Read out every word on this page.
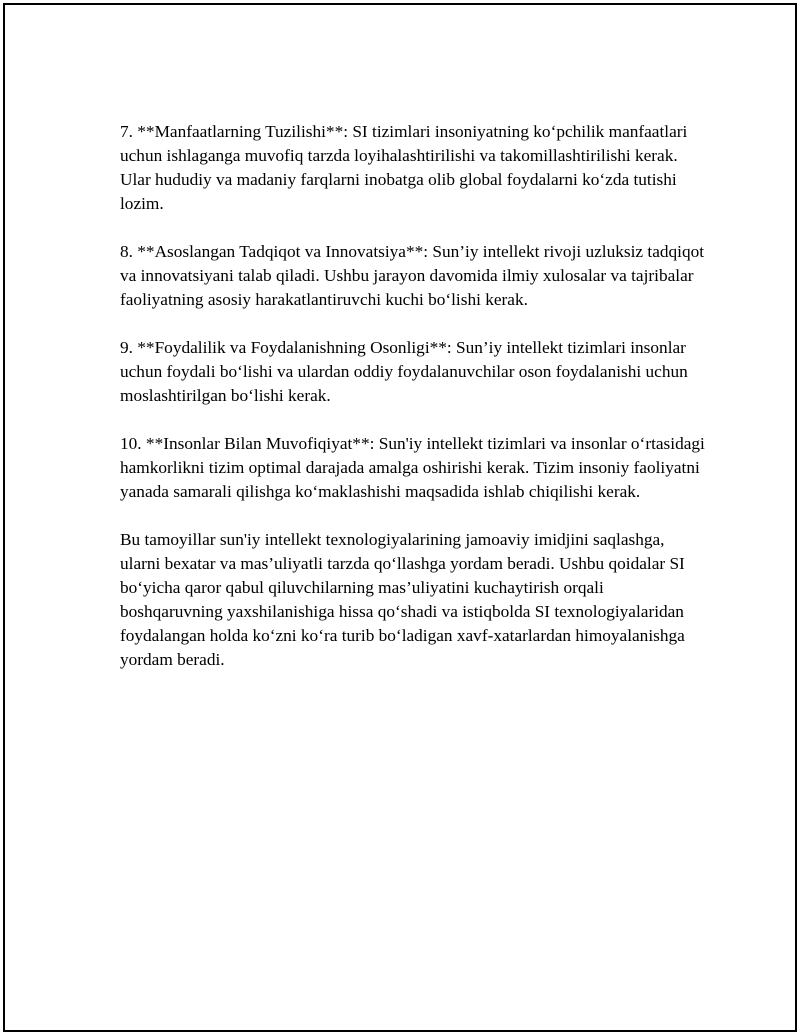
7. **Manfaatlarning Tuzilishi**: SI tizimlari insoniyatning ko‘pchilik manfaatlari uchun ishlaganga muvofiq tarzda loyihalashtirilishi va takomillashtirilishi kerak. Ular hududiy va madaniy farqlarni inobatga olib global foydalarni ko‘zda tutishi lozim.

8. **Asoslangan Tadqiqot va Innovatsiya**: Sun’iy intellekt rivoji uzluksiz tadqiqot va innovatsiyani talab qiladi. Ushbu jarayon davomida ilmiy xulosalar va tajribalar faoliyatning asosiy harakatlantiruvchi kuchi bo‘lishi kerak.

9. **Foydalilik va Foydalanishning Osonligi**: Sun’iy intellekt tizimlari insonlar uchun foydali bo‘lishi va ulardan oddiy foydalanuvchilar oson foydalanishi uchun moslashtirilgan bo‘lishi kerak.

10. **Insonlar Bilan Muvofiqiyat**: Sun'iy intellekt tizimlari va insonlar o‘rtasidagi hamkorlikni tizim optimal darajada amalga oshirishi kerak. Tizim insoniy faoliyatni yanada samarali qilishga ko‘maklashishi maqsadida ishlab chiqilishi kerak.

Bu tamoyillar sun'iy intellekt texnologiyalarining jamoaviy imidjini saqlashga, ularni bexatar va mas’uliyatli tarzda qo‘llashga yordam beradi. Ushbu qoidalar SI bo‘yicha qaror qabul qiluvchilarning mas’uliyatini kuchaytirish orqali boshqaruvning yaxshilanishiga hissa qo‘shadi va istiqbolda SI texnologiyalaridan foydalangan holda ko‘zni ko‘ra turib bo‘ladigan xavf-xatarlardan himoyalanishga yordam beradi.
